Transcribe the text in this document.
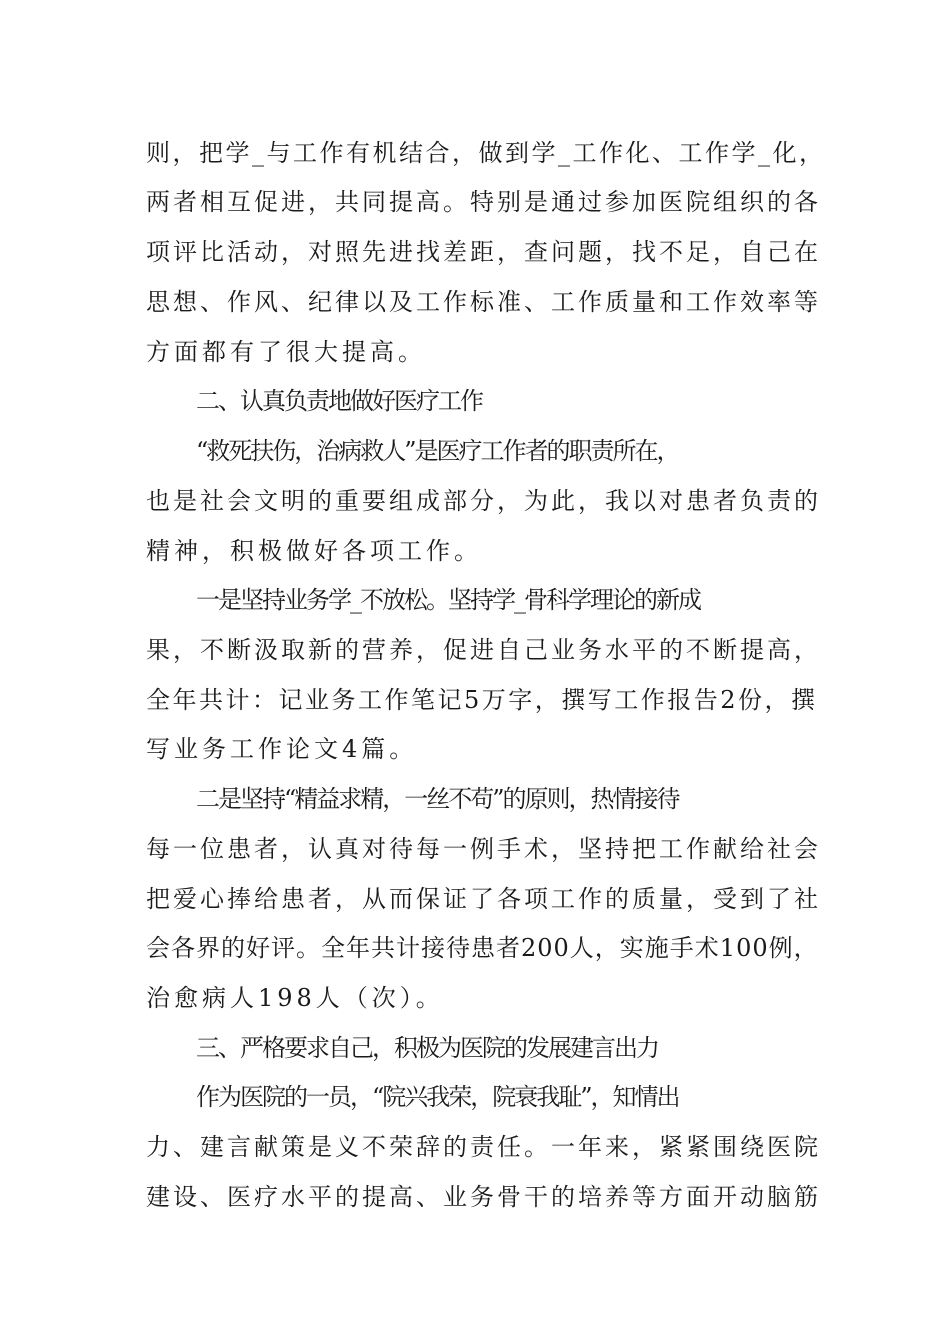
则，把学_与工作有机结合，做到学_工作化、工作学_化，
两者相互促进，共同提高。特别是通过参加医院组织的各
项评比活动，对照先进找差距，查问题，找不足，自己在
思想、作风、纪律以及工作标准、工作质量和工作效率等
方面都有了很大提高。
二、认真负责地做好医疗工作
“救死扶伤，治病救人”是医疗工作者的职责所在，
也是社会文明的重要组成部分，为此，我以对患者负责的
精神，积极做好各项工作。
一是坚持业务学_不放松。坚持学_骨科学理论的新成
果，不断汲取新的营养，促进自己业务水平的不断提高，
全年共计：记业务工作笔记5万字，撰写工作报告2份，撰
写业务工作论文4篇。
二是坚持“精益求精，一丝不苟”的原则，热情接待
每一位患者，认真对待每一例手术，坚持把工作献给社会
把爱心捧给患者，从而保证了各项工作的质量，受到了社
会各界的好评。全年共计接待患者200人，实施手术100例，
治愈病人198人（次）。
三、严格要求自己，积极为医院的发展建言出力
作为医院的一员，“院兴我荣，院衰我耻”，知情出
力、建言献策是义不荣辞的责任。一年来，紧紧围绕医院
建设、医疗水平的提高、业务骨干的培养等方面开动脑筋
